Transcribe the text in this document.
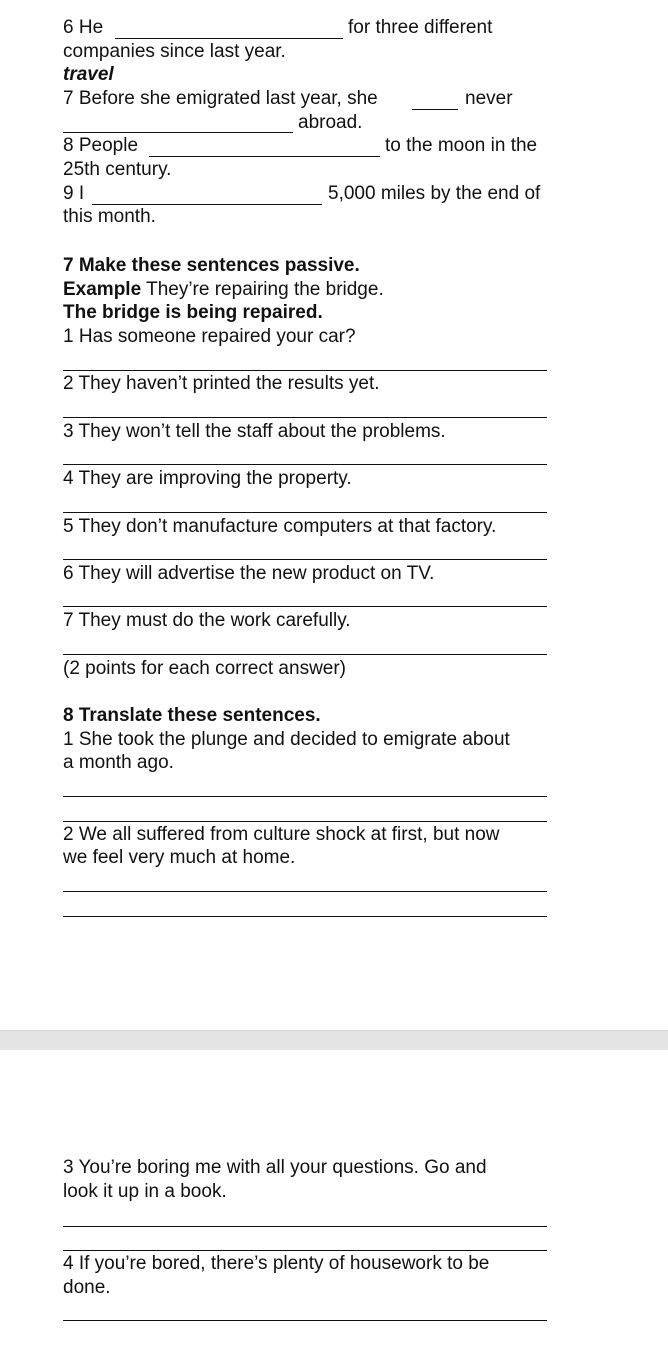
6 He	for three different
companies since last year.
travel
7 Before she emigrated last year, she	never
abroad.
8 People	to the moon in the
25th century.
9 I	5,000 miles by the end of
this month.
7 Make these sentences passive.
Example They’re repairing the bridge.
The bridge is being repaired.
1 Has someone repaired your car?
2 They haven’t printed the results yet.
3 They won’t tell the staff about the problems.
4 They are improving the property.
5 They don’t manufacture computers at that factory.
6 They will advertise the new product on TV.
7 They must do the work carefully.
(2 points for each correct answer)
8 Translate these sentences.
1 She took the plunge and decided to emigrate about
a month ago.
2 We all suffered from culture shock at first, but now
we feel very much at home.
3 You’re boring me with all your questions. Go and
look it up in a book.
4 If you’re bored, there’s plenty of housework to be
done.
